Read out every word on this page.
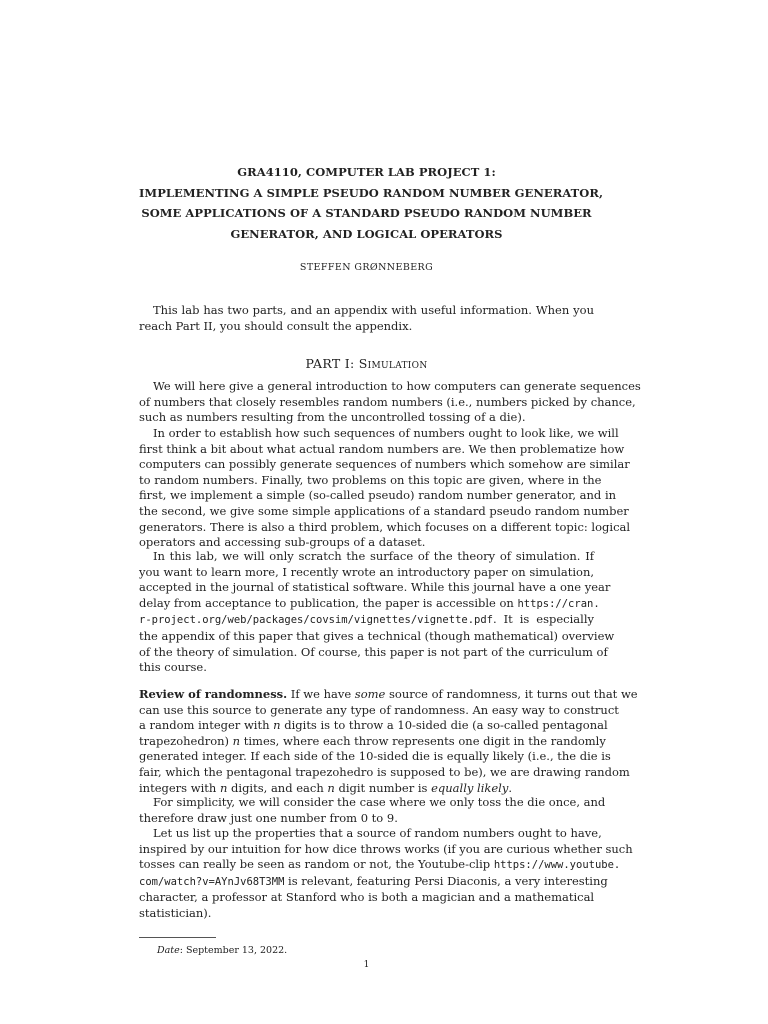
GRA4110, COMPUTER LAB PROJECT 1:
IMPLEMENTING A SIMPLE PSEUDO RANDOM NUMBER GENERATOR,
SOME APPLICATIONS OF A STANDARD PSEUDO RANDOM NUMBER
GENERATOR, AND LOGICAL OPERATORS
STEFFEN GRØNNEBERG
This lab has two parts, and an appendix with useful information. When you
reach Part II, you should consult the appendix.
PART I: Simulation
We will here give a general introduction to how computers can generate sequences
of numbers that closely resembles random numbers (i.e., numbers picked by chance,
such as numbers resulting from the uncontrolled tossing of a die).
In order to establish how such sequences of numbers ought to look like, we will
first think a bit about what actual random numbers are. We then problematize how
computers can possibly generate sequences of numbers which somehow are similar
to random numbers. Finally, two problems on this topic are given, where in the
first, we implement a simple (so-called pseudo) random number generator, and in
the second, we give some simple applications of a standard pseudo random number
generators. There is also a third problem, which focuses on a different topic: logical
operators and accessing sub-groups of a dataset.
In this lab, we will only scratch the surface of the theory of simulation. If
you want to learn more, I recently wrote an introductory paper on simulation,
accepted in the journal of statistical software. While this journal have a one year
delay from acceptance to publication, the paper is accessible on https://cran.
r-project.org/web/packages/covsim/vignettes/vignette.pdf. It is especially
the appendix of this paper that gives a technical (though mathematical) overview
of the theory of simulation. Of course, this paper is not part of the curriculum of
this course.
Review of randomness. If we have some source of randomness, it turns out that we
can use this source to generate any type of randomness. An easy way to construct
a random integer with n digits is to throw a 10-sided die (a so-called pentagonal
trapezohedron) n times, where each throw represents one digit in the randomly
generated integer. If each side of the 10-sided die is equally likely (i.e., the die is
fair, which the pentagonal trapezohedro is supposed to be), we are drawing random
integers with n digits, and each n digit number is equally likely.
For simplicity, we will consider the case where we only toss the die once, and
therefore draw just one number from 0 to 9.
Let us list up the properties that a source of random numbers ought to have,
inspired by our intuition for how dice throws works (if you are curious whether such
tosses can really be seen as random or not, the Youtube-clip https://www.youtube.
com/watch?v=AYnJv68T3MM is relevant, featuring Persi Diaconis, a very interesting
character, a professor at Stanford who is both a magician and a mathematical
statistician).
Date: September 13, 2022.
1
